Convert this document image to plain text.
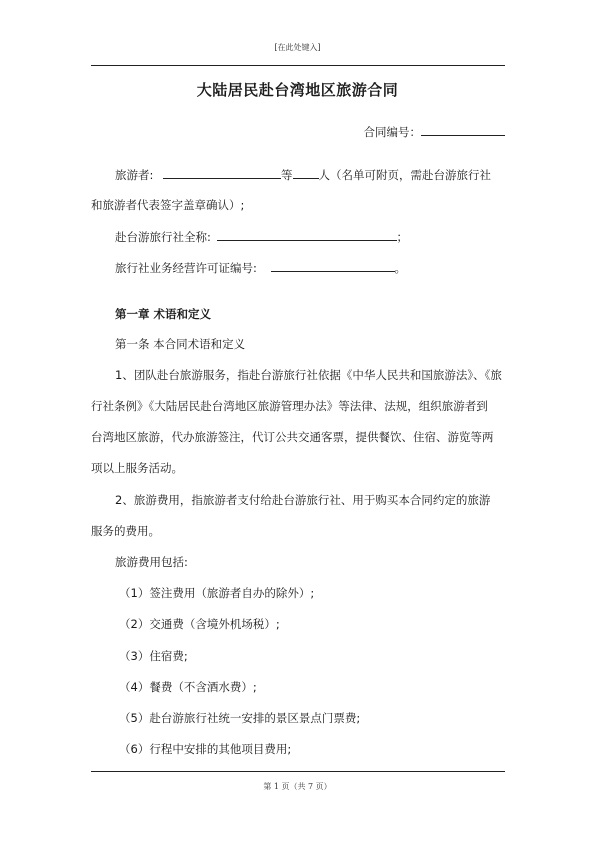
[在此处键入]
大陆居民赴台湾地区旅游合同
合同编号：
旅游者:	等 人（名单可附页，需赴台游旅行社
和旅游者代表签字盖章确认）;
赴台游旅行社全称:	；
旅行社业务经营许可证编号:	。
第一章 术语和定义
第一条 本合同术语和定义
1、团队赴台旅游服务，指赴台游旅行社依据《中华人民共和国旅游法》、《旅
行社条例》《大陆居民赴台湾地区旅游管理办法》等法律、法规，组织旅游者到
台湾地区旅游，代办旅游签注，代订公共交通客票，提供餐饮、住宿、游览等两
项以上服务活动。
2、旅游费用，指旅游者支付给赴台游旅行社、用于购买本合同约定的旅游
服务的费用。
旅游费用包括:
（1）签注费用（旅游者自办的除外）;
（2）交通费（含境外机场税）;
（3）住宿费;
（4）餐费（不含酒水费）;
（5）赴台游旅行社统一安排的景区景点门票费;
（6）行程中安排的其他项目费用;
第 1 页（共 7 页）
